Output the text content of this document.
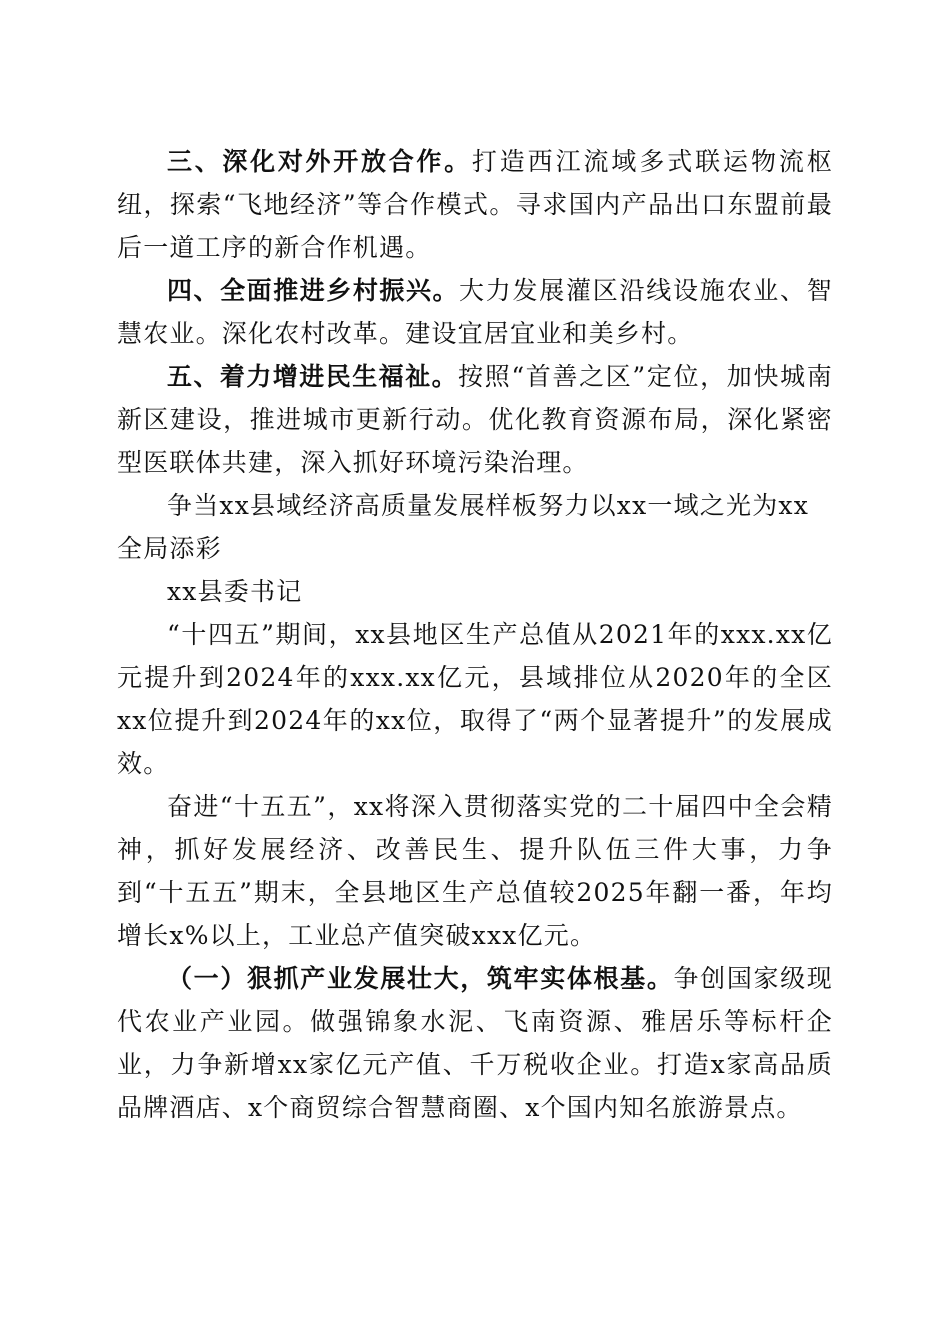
三、深化对外开放合作。打造西江流域多式联运物流枢纽，探索“飞地经济”等合作模式。寻求国内产品出口东盟前最后一道工序的新合作机遇。

四、全面推进乡村振兴。大力发展灌区沿线设施农业、智慧农业。深化农村改革。建设宜居宜业和美乡村。

五、着力增进民生福祉。按照“首善之区”定位，加快城南新区建设，推进城市更新行动。优化教育资源布局，深化紧密型医联体共建，深入抓好环境污染治理。

争当xx县域经济高质量发展样板努力以xx一域之光为xx全局添彩

xx县委书记

“十四五”期间，xx县地区生产总值从2021年的xxx.xx亿元提升到2024年的xxx.xx亿元，县域排位从2020年的全区xx位提升到2024年的xx位，取得了“两个显著提升”的发展成效。

奋进“十五五”，xx将深入贯彻落实党的二十届四中全会精神，抓好发展经济、改善民生、提升队伍三件大事，力争到“十五五”期末，全县地区生产总值较2025年翻一番，年均增长x%以上，工业总产值突破xxx亿元。

（一）狠抓产业发展壮大，筑牢实体根基。争创国家级现代农业产业园。做强锦象水泥、飞南资源、雅居乐等标杆企业，力争新增xx家亿元产值、千万税收企业。打造x家高品质品牌酒店、x个商贸综合智慧商圈、x个国内知名旅游景点。
